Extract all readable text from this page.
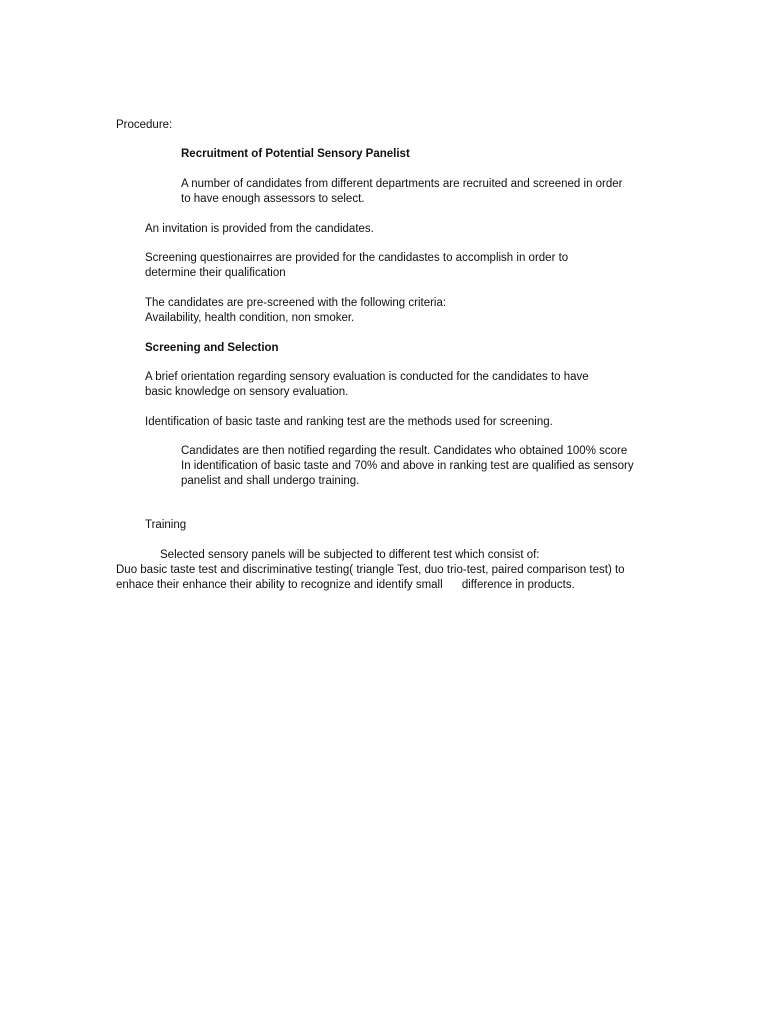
Procedure:
Recruitment of Potential Sensory Panelist
A number of candidates from different departments are recruited and screened in order
to have enough assessors to select.
An invitation is provided from the candidates.
Screening questionairres are provided for the candidastes to accomplish in order to
determine their qualification
The candidates are pre-screened with the following criteria:
Availability, health condition, non smoker.
Screening and Selection
A brief orientation regarding sensory evaluation is conducted for the candidates to have
basic knowledge on sensory evaluation.
Identification of basic taste and ranking test are the methods used for screening.
Candidates are then notified regarding the result. Candidates who obtained 100% score
In identification of basic taste and 70% and above in ranking test are qualified as sensory
panelist and shall undergo training.
Training
Selected sensory panels will be subjected to different test which consist of:
Duo basic taste test and discriminative testing( triangle Test, duo trio-test, paired comparison test) to
enhace their enhance their ability to recognize and identify small      difference in products.
